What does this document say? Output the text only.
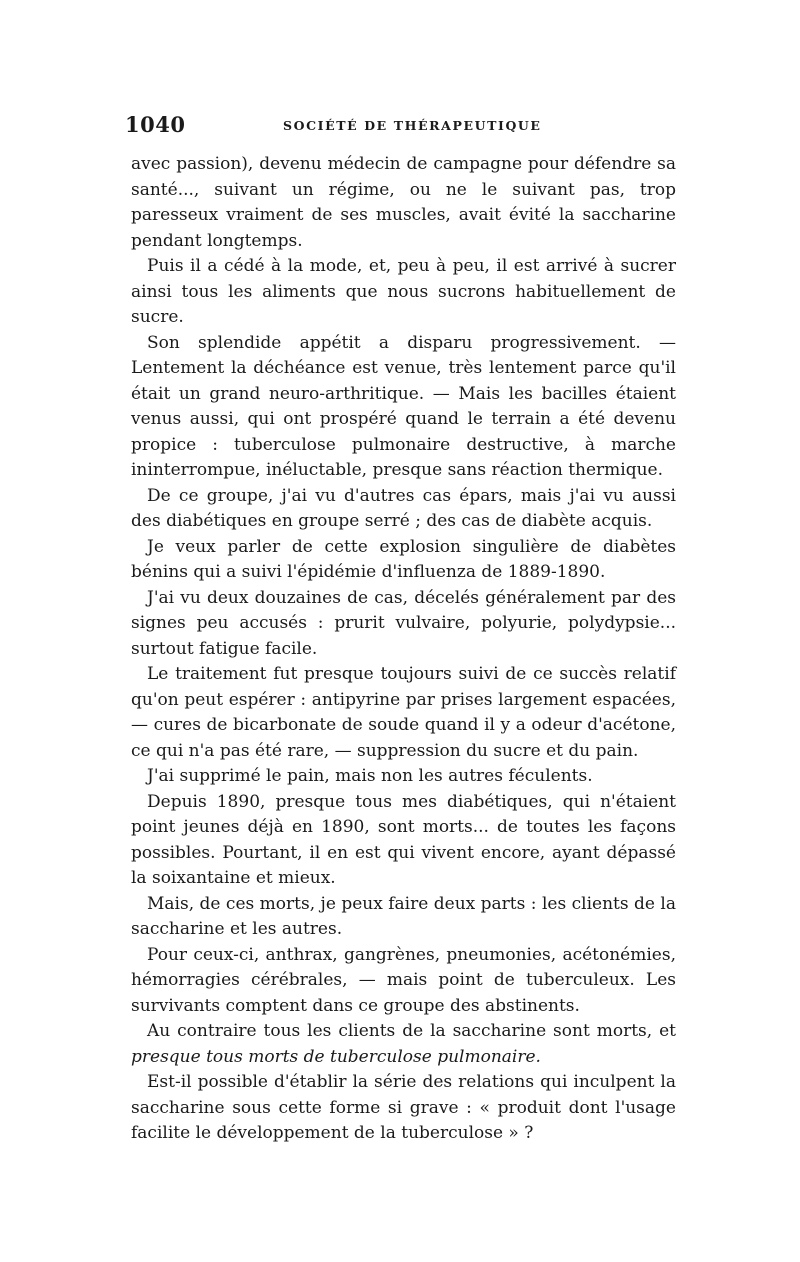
1040	SOCIÉTÉ DE THÉRAPEUTIQUE

avec passion), devenu médecin de campagne pour défendre sa santé..., suivant un régime, ou ne le suivant pas, trop paresseux vraiment de ses muscles, avait évité la saccharine pendant longtemps.

Puis il a cédé à la mode, et, peu à peu, il est arrivé à sucrer ainsi tous les aliments que nous sucrons habituellement de sucre.

Son splendide appétit a disparu progressivement. — Lentement la déchéance est venue, très lentement parce qu'il était un grand neuro-arthritique. — Mais les bacilles étaient venus aussi, qui ont prospéré quand le terrain a été devenu propice : tuberculose pulmonaire destructive, à marche ininterrompue, inéluctable, presque sans réaction thermique.

De ce groupe, j'ai vu d'autres cas épars, mais j'ai vu aussi des diabétiques en groupe serré ; des cas de diabète acquis.

Je veux parler de cette explosion singulière de diabètes bénins qui a suivi l'épidémie d'influenza de 1889-1890.

J'ai vu deux douzaines de cas, décelés généralement par des signes peu accusés : prurit vulvaire, polyurie, polydypsie... surtout fatigue facile.

Le traitement fut presque toujours suivi de ce succès relatif qu'on peut espérer : antipyrine par prises largement espacées, — cures de bicarbonate de soude quand il y a odeur d'acétone, ce qui n'a pas été rare, — suppression du sucre et du pain.

J'ai supprimé le pain, mais non les autres féculents.

Depuis 1890, presque tous mes diabétiques, qui n'étaient point jeunes déjà en 1890, sont morts... de toutes les façons possibles. Pourtant, il en est qui vivent encore, ayant dépassé la soixantaine et mieux.

Mais, de ces morts, je peux faire deux parts : les clients de la saccharine et les autres.

Pour ceux-ci, anthrax, gangrènes, pneumonies, acétonémies, hémorragies cérébrales, — mais point de tuberculeux. Les survivants comptent dans ce groupe des abstinents.

Au contraire tous les clients de la saccharine sont morts, et presque tous morts de tuberculose pulmonaire.

Est-il possible d'établir la série des relations qui inculpent la saccharine sous cette forme si grave : « produit dont l'usage facilite le développement de la tuberculose » ?
